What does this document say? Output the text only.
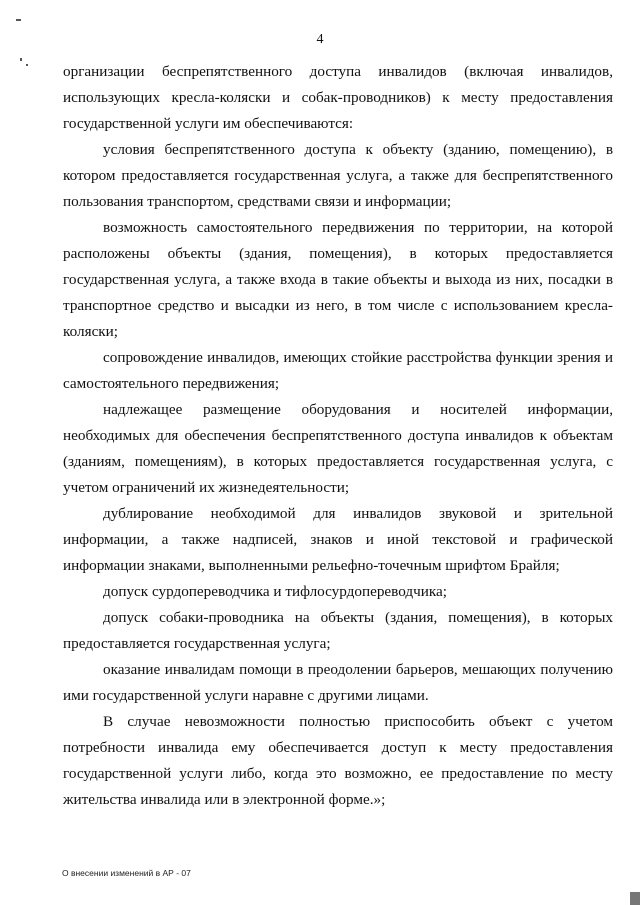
4

организации беспрепятственного доступа инвалидов (включая инвалидов, использующих кресла-коляски и собак-проводников) к месту предоставления государственной услуги им обеспечиваются:

условия беспрепятственного доступа к объекту (зданию, помещению), в котором предоставляется государственная услуга, а также для беспрепятственного пользования транспортом, средствами связи и информации;

возможность самостоятельного передвижения по территории, на которой расположены объекты (здания, помещения), в которых предоставляется государственная услуга, а также входа в такие объекты и выхода из них, посадки в транспортное средство и высадки из него, в том числе с использованием кресла-коляски;

сопровождение инвалидов, имеющих стойкие расстройства функции зрения и самостоятельного передвижения;

надлежащее размещение оборудования и носителей информации, необходимых для обеспечения беспрепятственного доступа инвалидов к объектам (зданиям, помещениям), в которых предоставляется государственная услуга, с учетом ограничений их жизнедеятельности;

дублирование необходимой для инвалидов звуковой и зрительной информации, а также надписей, знаков и иной текстовой и графической информации знаками, выполненными рельефно-точечным шрифтом Брайля;

допуск сурдопереводчика и тифлосурдопереводчика;

допуск собаки-проводника на объекты (здания, помещения), в которых предоставляется государственная услуга;

оказание инвалидам помощи в преодолении барьеров, мешающих получению ими государственной услуги наравне с другими лицами.

В случае невозможности полностью приспособить объект с учетом потребности инвалида ему обеспечивается доступ к месту предоставления государственной услуги либо, когда это возможно, ее предоставление по месту жительства инвалида или в электронной форме.»;

О внесении изменений в АР - 07
